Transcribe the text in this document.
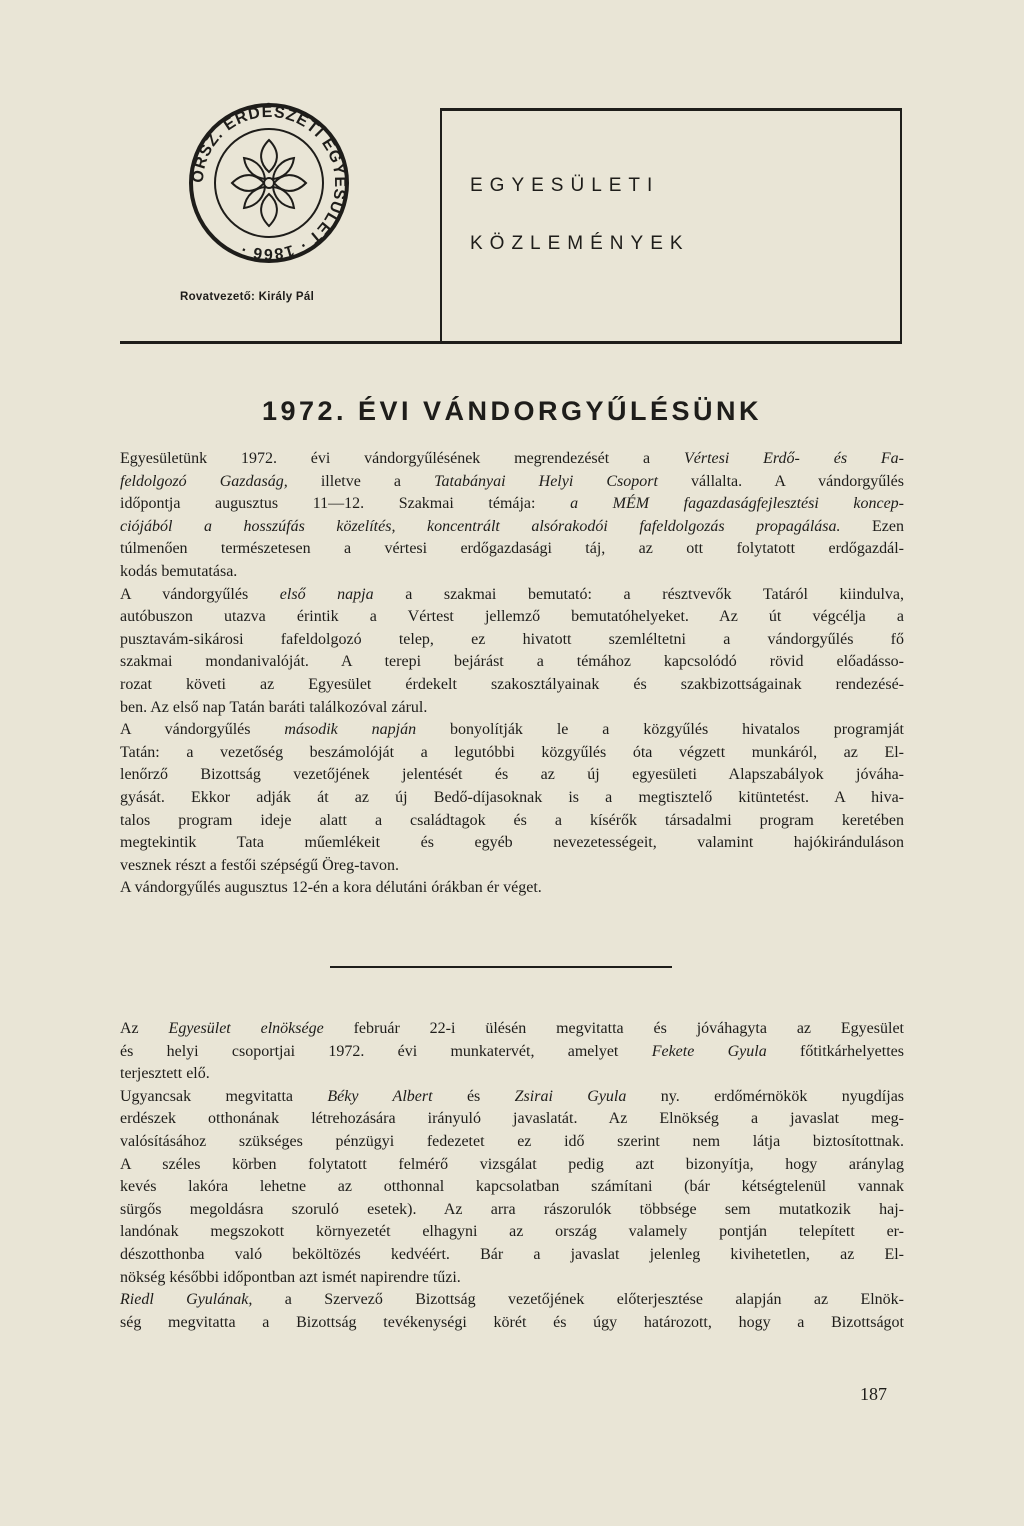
ORSZ. ERDÉSZETI EGYESÜLET · 1866 ·
Rovatvezető: Király Pál
EGYESÜLETI
KÖZLEMÉNYEK
1972. ÉVI VÁNDORGYŰLÉSÜNK
Egyesületünk 1972. évi vándorgyűlésének megrendezését a Vértesi Erdő- és Fa-
feldolgozó Gazdaság, illetve a Tatabányai Helyi Csoport vállalta. A vándorgyűlés
időpontja augusztus 11—12. Szakmai témája: a MÉM fagazdaságfejlesztési koncep-
ciójából a hosszúfás közelítés, koncentrált alsórakodói fafeldolgozás propagálása. Ezen
túlmenően természetesen a vértesi erdőgazdasági táj, az ott folytatott erdőgazdál-
kodás bemutatása.
A vándorgyűlés első napja a szakmai bemutató: a résztvevők Tatáról kiindulva,
autóbuszon utazva érintik a Vértest jellemző bemutatóhelyeket. Az út végcélja a
pusztavám-sikárosi fafeldolgozó telep, ez hivatott szemléltetni a vándorgyűlés fő
szakmai mondanivalóját. A terepi bejárást a témához kapcsolódó rövid előadásso-
rozat követi az Egyesület érdekelt szakosztályainak és szakbizottságainak rendezésé-
ben. Az első nap Tatán baráti találkozóval zárul.
A vándorgyűlés második napján bonyolítják le a közgyűlés hivatalos programját
Tatán: a vezetőség beszámolóját a legutóbbi közgyűlés óta végzett munkáról, az El-
lenőrző Bizottság vezetőjének jelentését és az új egyesületi Alapszabályok jóváha-
gyását. Ekkor adják át az új Bedő-díjasoknak is a megtisztelő kitüntetést. A hiva-
talos program ideje alatt a családtagok és a kísérők társadalmi program keretében
megtekintik Tata műemlékeit és egyéb nevezetességeit, valamint hajókiránduláson
vesznek részt a festői szépségű Öreg-tavon.
A vándorgyűlés augusztus 12-én a kora délutáni órákban ér véget.
Az Egyesület elnöksége február 22-i ülésén megvitatta és jóváhagyta az Egyesület
és helyi csoportjai 1972. évi munkatervét, amelyet Fekete Gyula főtitkárhelyettes
terjesztett elő.
Ugyancsak megvitatta Béky Albert és Zsirai Gyula ny. erdőmérnökök nyugdíjas
erdészek otthonának létrehozására irányuló javaslatát. Az Elnökség a javaslat meg-
valósításához szükséges pénzügyi fedezetet ez idő szerint nem látja biztosítottnak.
A széles körben folytatott felmérő vizsgálat pedig azt bizonyítja, hogy aránylag
kevés lakóra lehetne az otthonnal kapcsolatban számítani (bár kétségtelenül vannak
sürgős megoldásra szoruló esetek). Az arra rászorulók többsége sem mutatkozik haj-
landónak megszokott környezetét elhagyni az ország valamely pontján telepített er-
dészotthonba való beköltözés kedvéért. Bár a javaslat jelenleg kivihetetlen, az El-
nökség későbbi időpontban azt ismét napirendre tűzi.
Riedl Gyulának, a Szervező Bizottság vezetőjének előterjesztése alapján az Elnök-
ség megvitatta a Bizottság tevékenységi körét és úgy határozott, hogy a Bizottságot
187
